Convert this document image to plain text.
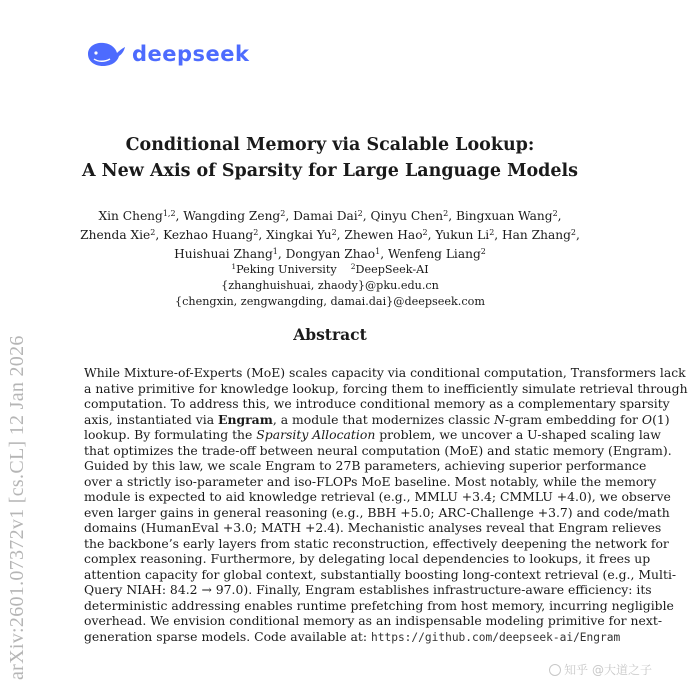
deepseek
Conditional Memory via Scalable Lookup:
A New Axis of Sparsity for Large Language Models
Xin Cheng$^{1,2}$, Wangding Zeng$^2$, Damai Dai$^2$, Qinyu Chen$^2$, Bingxuan Wang$^2$,
Zhenda Xie$^2$, Kezhao Huang$^2$, Xingkai Yu$^2$, Zhewen Hao$^2$, Yukun Li$^2$, Han Zhang$^2$,
Huishuai Zhang$^1$, Dongyan Zhao$^1$, Wenfeng Liang$^2$
$^1$Peking University $^2$DeepSeek-AI
{zhanghuishuai, zhaody}@pku.edu.cn
{chengxin, zengwangding, damai.dai}@deepseek.com
Abstract
While Mixture-of-Experts (MoE) scales capacity via conditional computation, Transformers lack
a native primitive for knowledge lookup, forcing them to inefficiently simulate retrieval through
computation. To address this, we introduce conditional memory as a complementary sparsity
axis, instantiated via Engram, a module that modernizes classic N-gram embedding for O(1)
lookup. By formulating the Sparsity Allocation problem, we uncover a U-shaped scaling law
that optimizes the trade-off between neural computation (MoE) and static memory (Engram).
Guided by this law, we scale Engram to 27B parameters, achieving superior performance
over a strictly iso-parameter and iso-FLOPs MoE baseline. Most notably, while the memory
module is expected to aid knowledge retrieval (e.g., MMLU +3.4; CMMLU +4.0), we observe
even larger gains in general reasoning (e.g., BBH +5.0; ARC-Challenge +3.7) and code/math
domains (HumanEval +3.0; MATH +2.4). Mechanistic analyses reveal that Engram relieves
the backbone’s early layers from static reconstruction, effectively deepening the network for
complex reasoning. Furthermore, by delegating local dependencies to lookups, it frees up
attention capacity for global context, substantially boosting long-context retrieval (e.g., Multi-
Query NIAH: 84.2 → 97.0). Finally, Engram establishes infrastructure-aware efficiency: its
deterministic addressing enables runtime prefetching from host memory, incurring negligible
overhead. We envision conditional memory as an indispensable modeling primitive for next-
generation sparse models. Code available at: https://github.com/deepseek-ai/Engram
arXiv:2601.07372v1 [cs.CL] 12 Jan 2026	知乎 @大道之子
